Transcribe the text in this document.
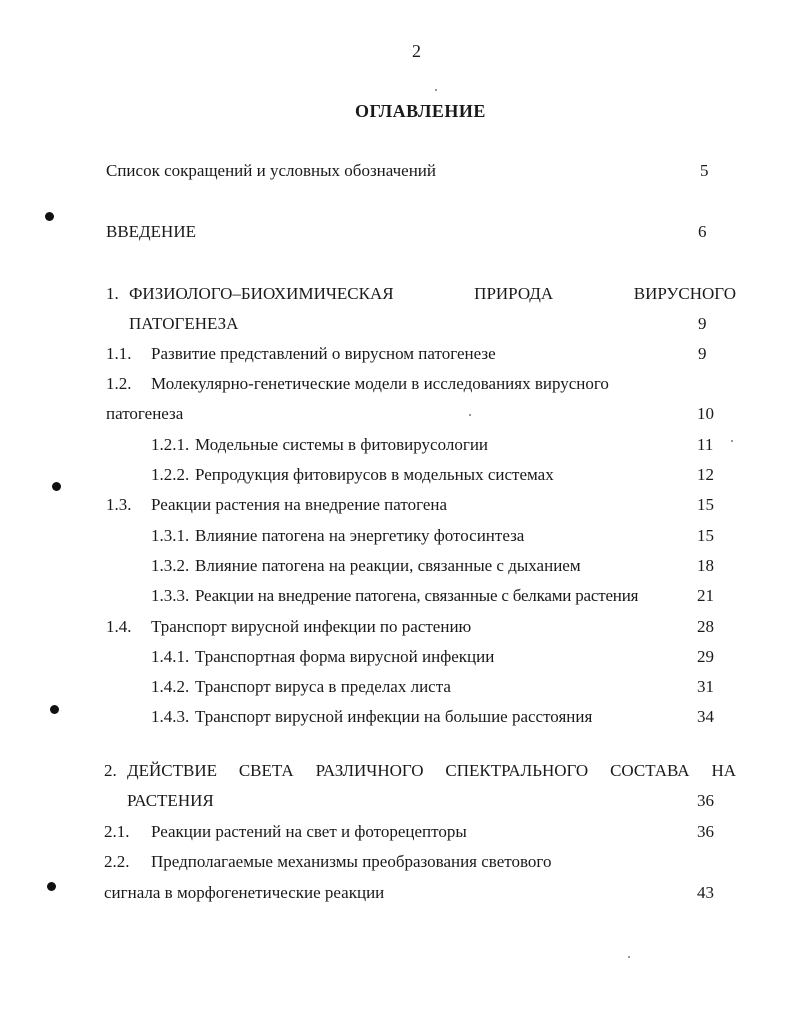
2
ОГЛАВЛЕНИЕ
Список сокращений и условных обозначений	5
ВВЕДЕНИЕ	6
1. ФИЗИОЛОГО–БИОХИМИЧЕСКАЯ	ПРИРОДА	ВИРУСНОГО
ПАТОГЕНЕЗА	9
1.1. Развитие представлений о вирусном патогенезе	9
1.2. Молекулярно-генетические модели в исследованиях вирусного
патогенеза	10
1.2.1. Модельные системы в фитовирусологии	11
1.2.2. Репродукция фитовирусов в модельных системах	12
1.3. Реакции растения на внедрение патогена	15
1.3.1. Влияние патогена на энергетику фотосинтеза	15
1.3.2. Влияние патогена на реакции, связанные с дыханием	18
1.3.3. Реакции на внедрение патогена, связанные с белками растения	21
1.4. Транспорт вирусной инфекции по растению	28
1.4.1. Транспортная форма вирусной инфекции	29
1.4.2. Транспорт вируса в пределах листа	31
1.4.3. Транспорт вирусной инфекции на большие расстояния	34
2. ДЕЙСТВИЕ СВЕТА РАЗЛИЧНОГО СПЕКТРАЛЬНОГО СОСТАВА НА
РАСТЕНИЯ	36
2.1. Реакции растений на свет и фоторецепторы	36
2.2. Предполагаемые механизмы преобразования светового
сигнала в морфогенетические реакции	43
